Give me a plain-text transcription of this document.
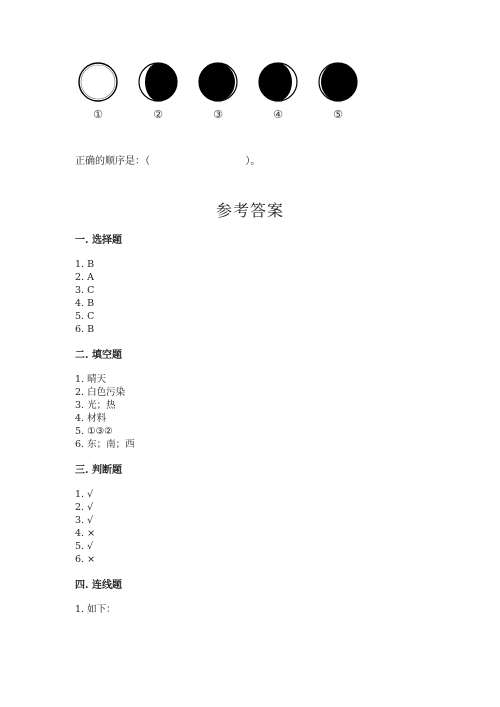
①	②	③	④	⑤
正确的顺序是：（                              ）。
参考答案

一. 选择题

1. B

2. A

3. C

4. B

5. C

6. B

二. 填空题

1. 晴天

2. 白色污染

3. 光；热

4. 材料

5. ①③②

6. 东；南；西

三. 判断题

1. √

2. √

3. √

4. ×

5. √

6. ×

四. 连线题

1. 如下：
